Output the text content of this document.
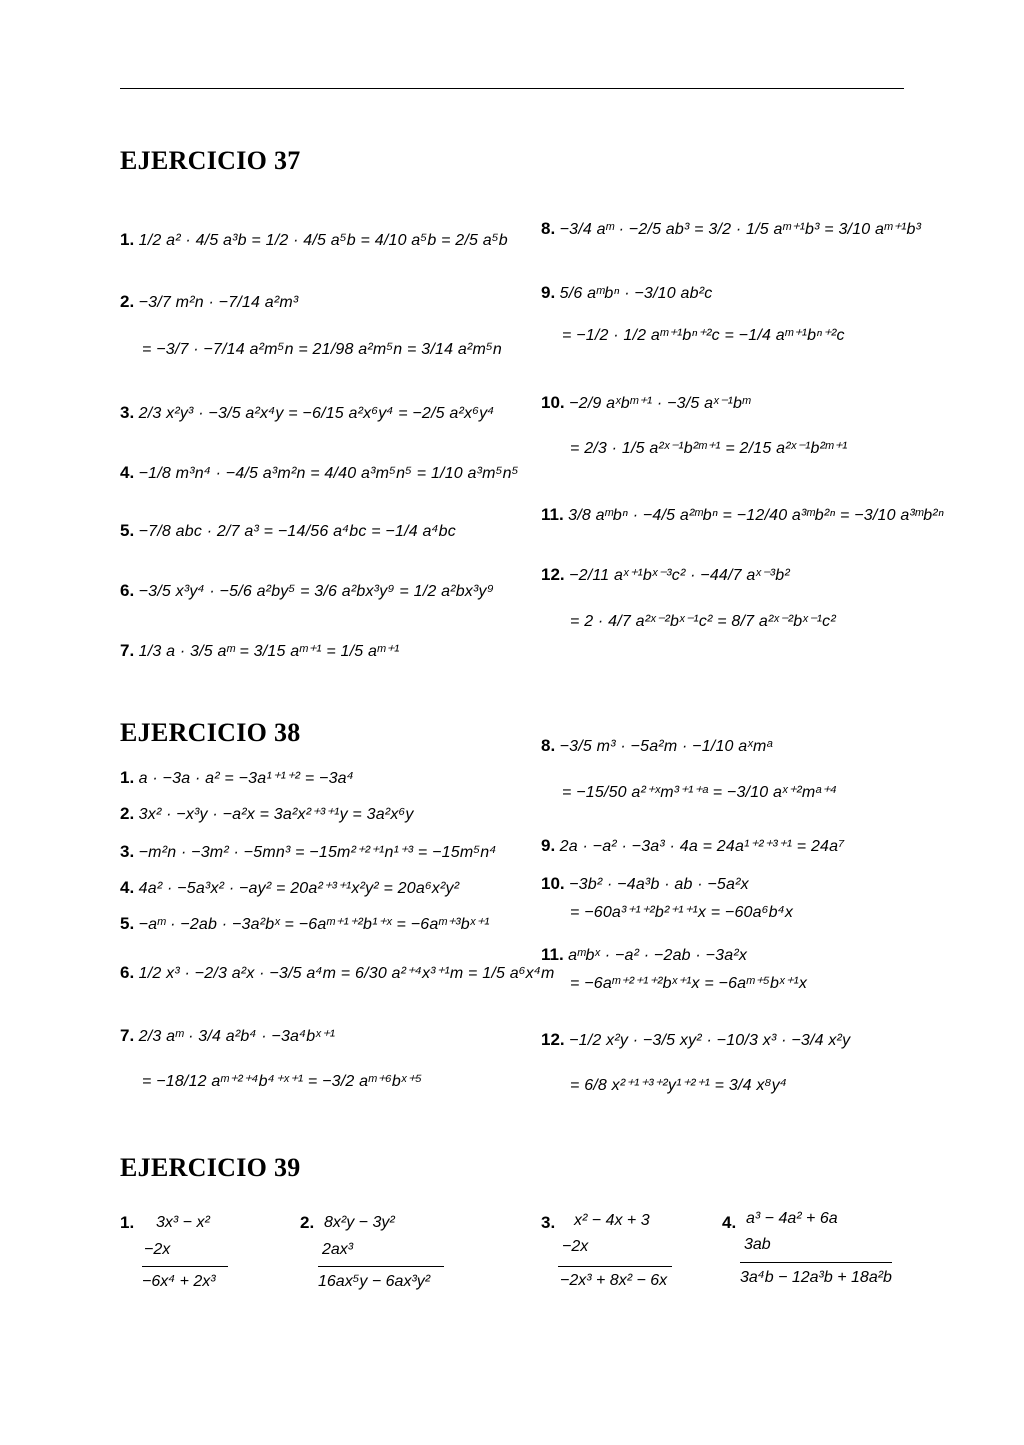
EJERCICIO 37
1. 1/2 a² · 4/5 a³b = 1/2 · 4/5 a⁵b = 4/10 a⁵b = 2/5 a⁵b
2. −3/7 m²n · −7/14 a²m³
= −3/7 · −7/14 a²m⁵n = 21/98 a²m⁵n = 3/14 a²m⁵n
3. 2/3 x²y³ · −3/5 a²x⁴y = −6/15 a²x⁶y⁴ = −2/5 a²x⁶y⁴
4. −1/8 m³n⁴ · −4/5 a³m²n = 4/40 a³m⁵n⁵ = 1/10 a³m⁵n⁵
5. −7/8 abc · 2/7 a³ = −14/56 a⁴bc = −1/4 a⁴bc
6. −3/5 x³y⁴ · −5/6 a²by⁵ = 3/6 a²bx³y⁹ = 1/2 a²bx³y⁹
7. 1/3 a · 3/5 aᵐ = 3/15 aᵐ⁺¹ = 1/5 aᵐ⁺¹
8. −3/4 aᵐ · −2/5 ab³ = 3/2 · 1/5 aᵐ⁺¹b³ = 3/10 aᵐ⁺¹b³
9. 5/6 aᵐbⁿ · −3/10 ab²c
= −1/2 · 1/2 aᵐ⁺¹bⁿ⁺²c = −1/4 aᵐ⁺¹bⁿ⁺²c
10. −2/9 aˣbᵐ⁺¹ · −3/5 aˣ⁻¹bᵐ
= 2/3 · 1/5 a²ˣ⁻¹b²ᵐ⁺¹ = 2/15 a²ˣ⁻¹b²ᵐ⁺¹
11. 3/8 aᵐbⁿ · −4/5 a²ᵐbⁿ = −12/40 a³ᵐb²ⁿ = −3/10 a³ᵐb²ⁿ
12. −2/11 aˣ⁺¹bˣ⁻³c² · −44/7 aˣ⁻³b²
= 2 · 4/7 a²ˣ⁻²bˣ⁻¹c² = 8/7 a²ˣ⁻²bˣ⁻¹c²
EJERCICIO 38
1. a · −3a · a² = −3a¹⁺¹⁺² = −3a⁴
2. 3x² · −x³y · −a²x = 3a²x²⁺³⁺¹y = 3a²x⁶y
3. −m²n · −3m² · −5mn³ = −15m²⁺²⁺¹n¹⁺³ = −15m⁵n⁴
4. 4a² · −5a³x² · −ay² = 20a²⁺³⁺¹x²y² = 20a⁶x²y²
5. −aᵐ · −2ab · −3a²bˣ = −6aᵐ⁺¹⁺²b¹⁺ˣ = −6aᵐ⁺³bˣ⁺¹
6. 1/2 x³ · −2/3 a²x · −3/5 a⁴m = 6/30 a²⁺⁴x³⁺¹m = 1/5 a⁶x⁴m
7. 2/3 aᵐ · 3/4 a²b⁴ · −3a⁴bˣ⁺¹
= −18/12 aᵐ⁺²⁺⁴b⁴⁺ˣ⁺¹ = −3/2 aᵐ⁺⁶bˣ⁺⁵
8. −3/5 m³ · −5a²m · −1/10 aˣmᵃ
= −15/50 a²⁺ˣm³⁺¹⁺ᵃ = −3/10 aˣ⁺²mᵃ⁺⁴
9. 2a · −a² · −3a³ · 4a = 24a¹⁺²⁺³⁺¹ = 24a⁷
10. −3b² · −4a³b · ab · −5a²x
= −60a³⁺¹⁺²b²⁺¹⁺¹x = −60a⁶b⁴x
11. aᵐbˣ · −a² · −2ab · −3a²x
= −6aᵐ⁺²⁺¹⁺²bˣ⁺¹x = −6aᵐ⁺⁵bˣ⁺¹x
12. −1/2 x²y · −3/5 xy² · −10/3 x³ · −3/4 x²y
= 6/8 x²⁺¹⁺³⁺²y¹⁺²⁺¹ = 3/4 x⁸y⁴
EJERCICIO 39
1. 3x³ − x²
−2x
−6x⁴ + 2x³
2. 8x²y − 3y²
2ax³
16ax⁵y − 6ax³y²
3. x² − 4x + 3
−2x
−2x³ + 8x² − 6x
4. a³ − 4a² + 6a
3ab
3a⁴b − 12a³b + 18a²b
